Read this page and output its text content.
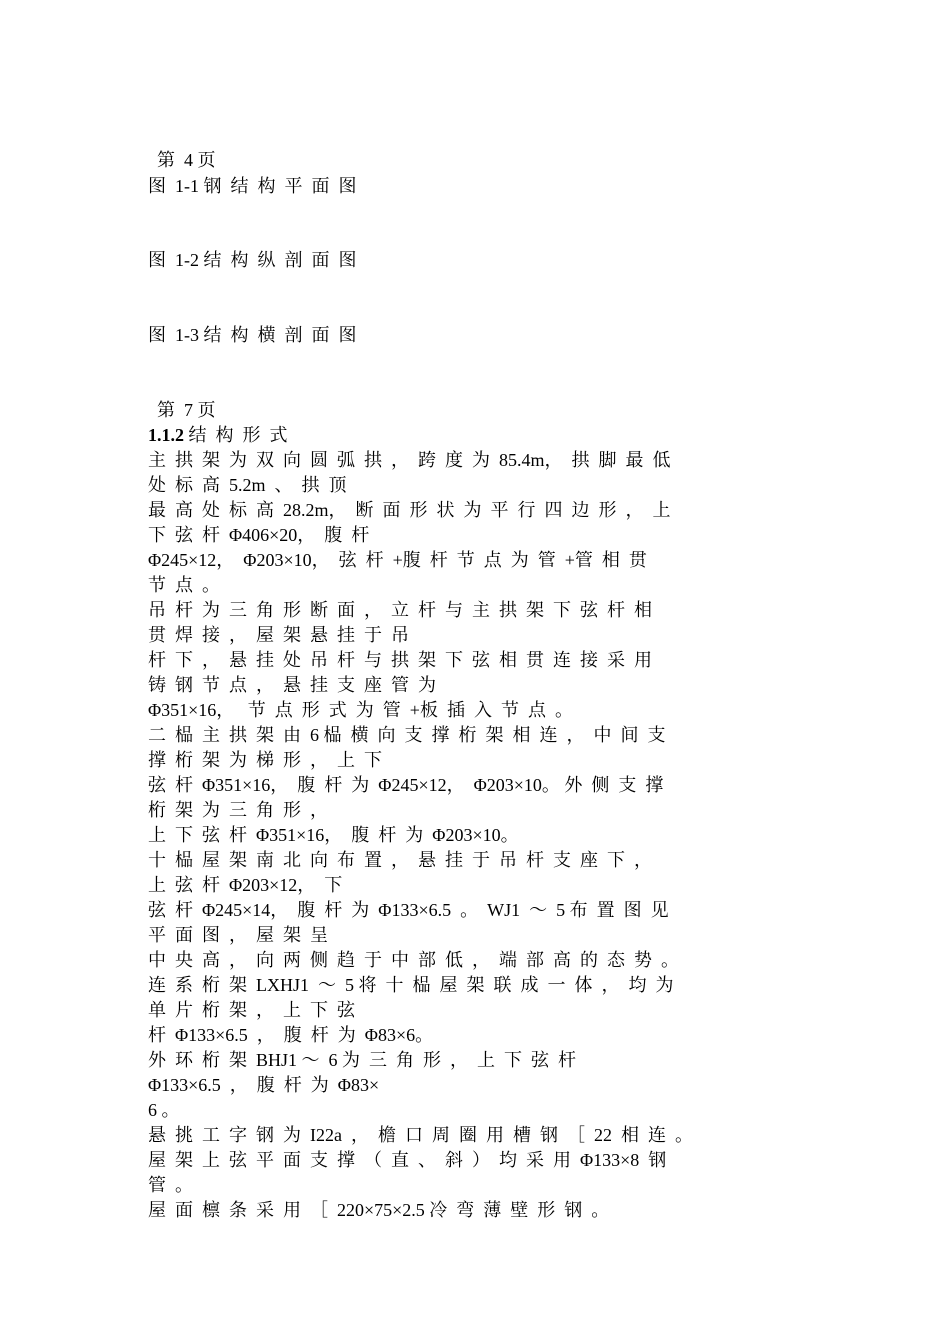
第  4 页
图  1-1 钢  结  构  平  面  图
图  1-2 结  构  纵  剖  面  图
图  1-3 结  构  横  剖  面  图
第  7 页
1.1.2 结  构  形  式
主  拱  架  为  双  向  圆  弧  拱  ，  跨  度  为  85.4m，  拱  脚  最  低
处  标  高  5.2m  、  拱  顶
最  高  处  标  高  28.2m，  断  面  形  状  为  平  行  四  边  形  ，  上
下  弦  杆  Φ406×20，  腹  杆
Φ245×12，  Φ203×10，  弦  杆  +腹  杆  节  点  为  管  +管  相  贯
节  点  。
吊  杆  为  三  角  形  断  面  ，  立  杆  与  主  拱  架  下  弦  杆  相
贯  焊  接  ，  屋  架  悬  挂  于  吊
杆  下  ，  悬  挂  处  吊  杆  与  拱  架  下  弦  相  贯  连  接  采  用
铸  钢  节  点  ，  悬  挂  支  座  管  为
Φ351×16，   节  点  形  式  为  管  +板  插  入  节  点  。
二  榀  主  拱  架  由  6 榀  横  向  支  撑  桁  架  相  连  ，  中  间  支
撑  桁  架  为  梯  形  ，  上  下
弦  杆  Φ351×16，  腹  杆  为  Φ245×12，  Φ203×10。 外  侧  支  撑
桁  架  为  三  角  形  ，
上  下  弦  杆  Φ351×16，  腹  杆  为  Φ203×10。
十  榀  屋  架  南  北  向  布  置  ，  悬  挂  于  吊  杆  支  座  下  ，
上  弦  杆  Φ203×12，  下
弦  杆  Φ245×14，  腹  杆  为  Φ133×6.5  。  WJ1  ～  5 布  置  图  见
平  面  图  ，  屋  架  呈
中  央  高  ，  向  两  侧  趋  于  中  部  低  ，  端  部  高  的  态  势  。
连  系  桁  架  LXHJ1  ～  5 将  十  榀  屋  架  联  成  一  体  ，  均  为
单  片  桁  架  ，  上  下  弦
杆  Φ133×6.5  ，  腹  杆  为  Φ83×6。
外  环  桁  架  BHJ1 ～  6 为  三  角  形  ，  上  下  弦  杆
Φ133×6.5  ，  腹  杆  为  Φ83×
6 。
悬  挑  工  字  钢  为  I22a  ，  檐  口  周  圈  用  槽  钢  ［  22  相  连  。
屋  架  上  弦  平  面  支  撑  （  直  、  斜  ）  均  采  用  Φ133×8  钢
管  。
屋  面  檩  条  采  用  ［  220×75×2.5 冷  弯  薄  壁  形  钢  。
